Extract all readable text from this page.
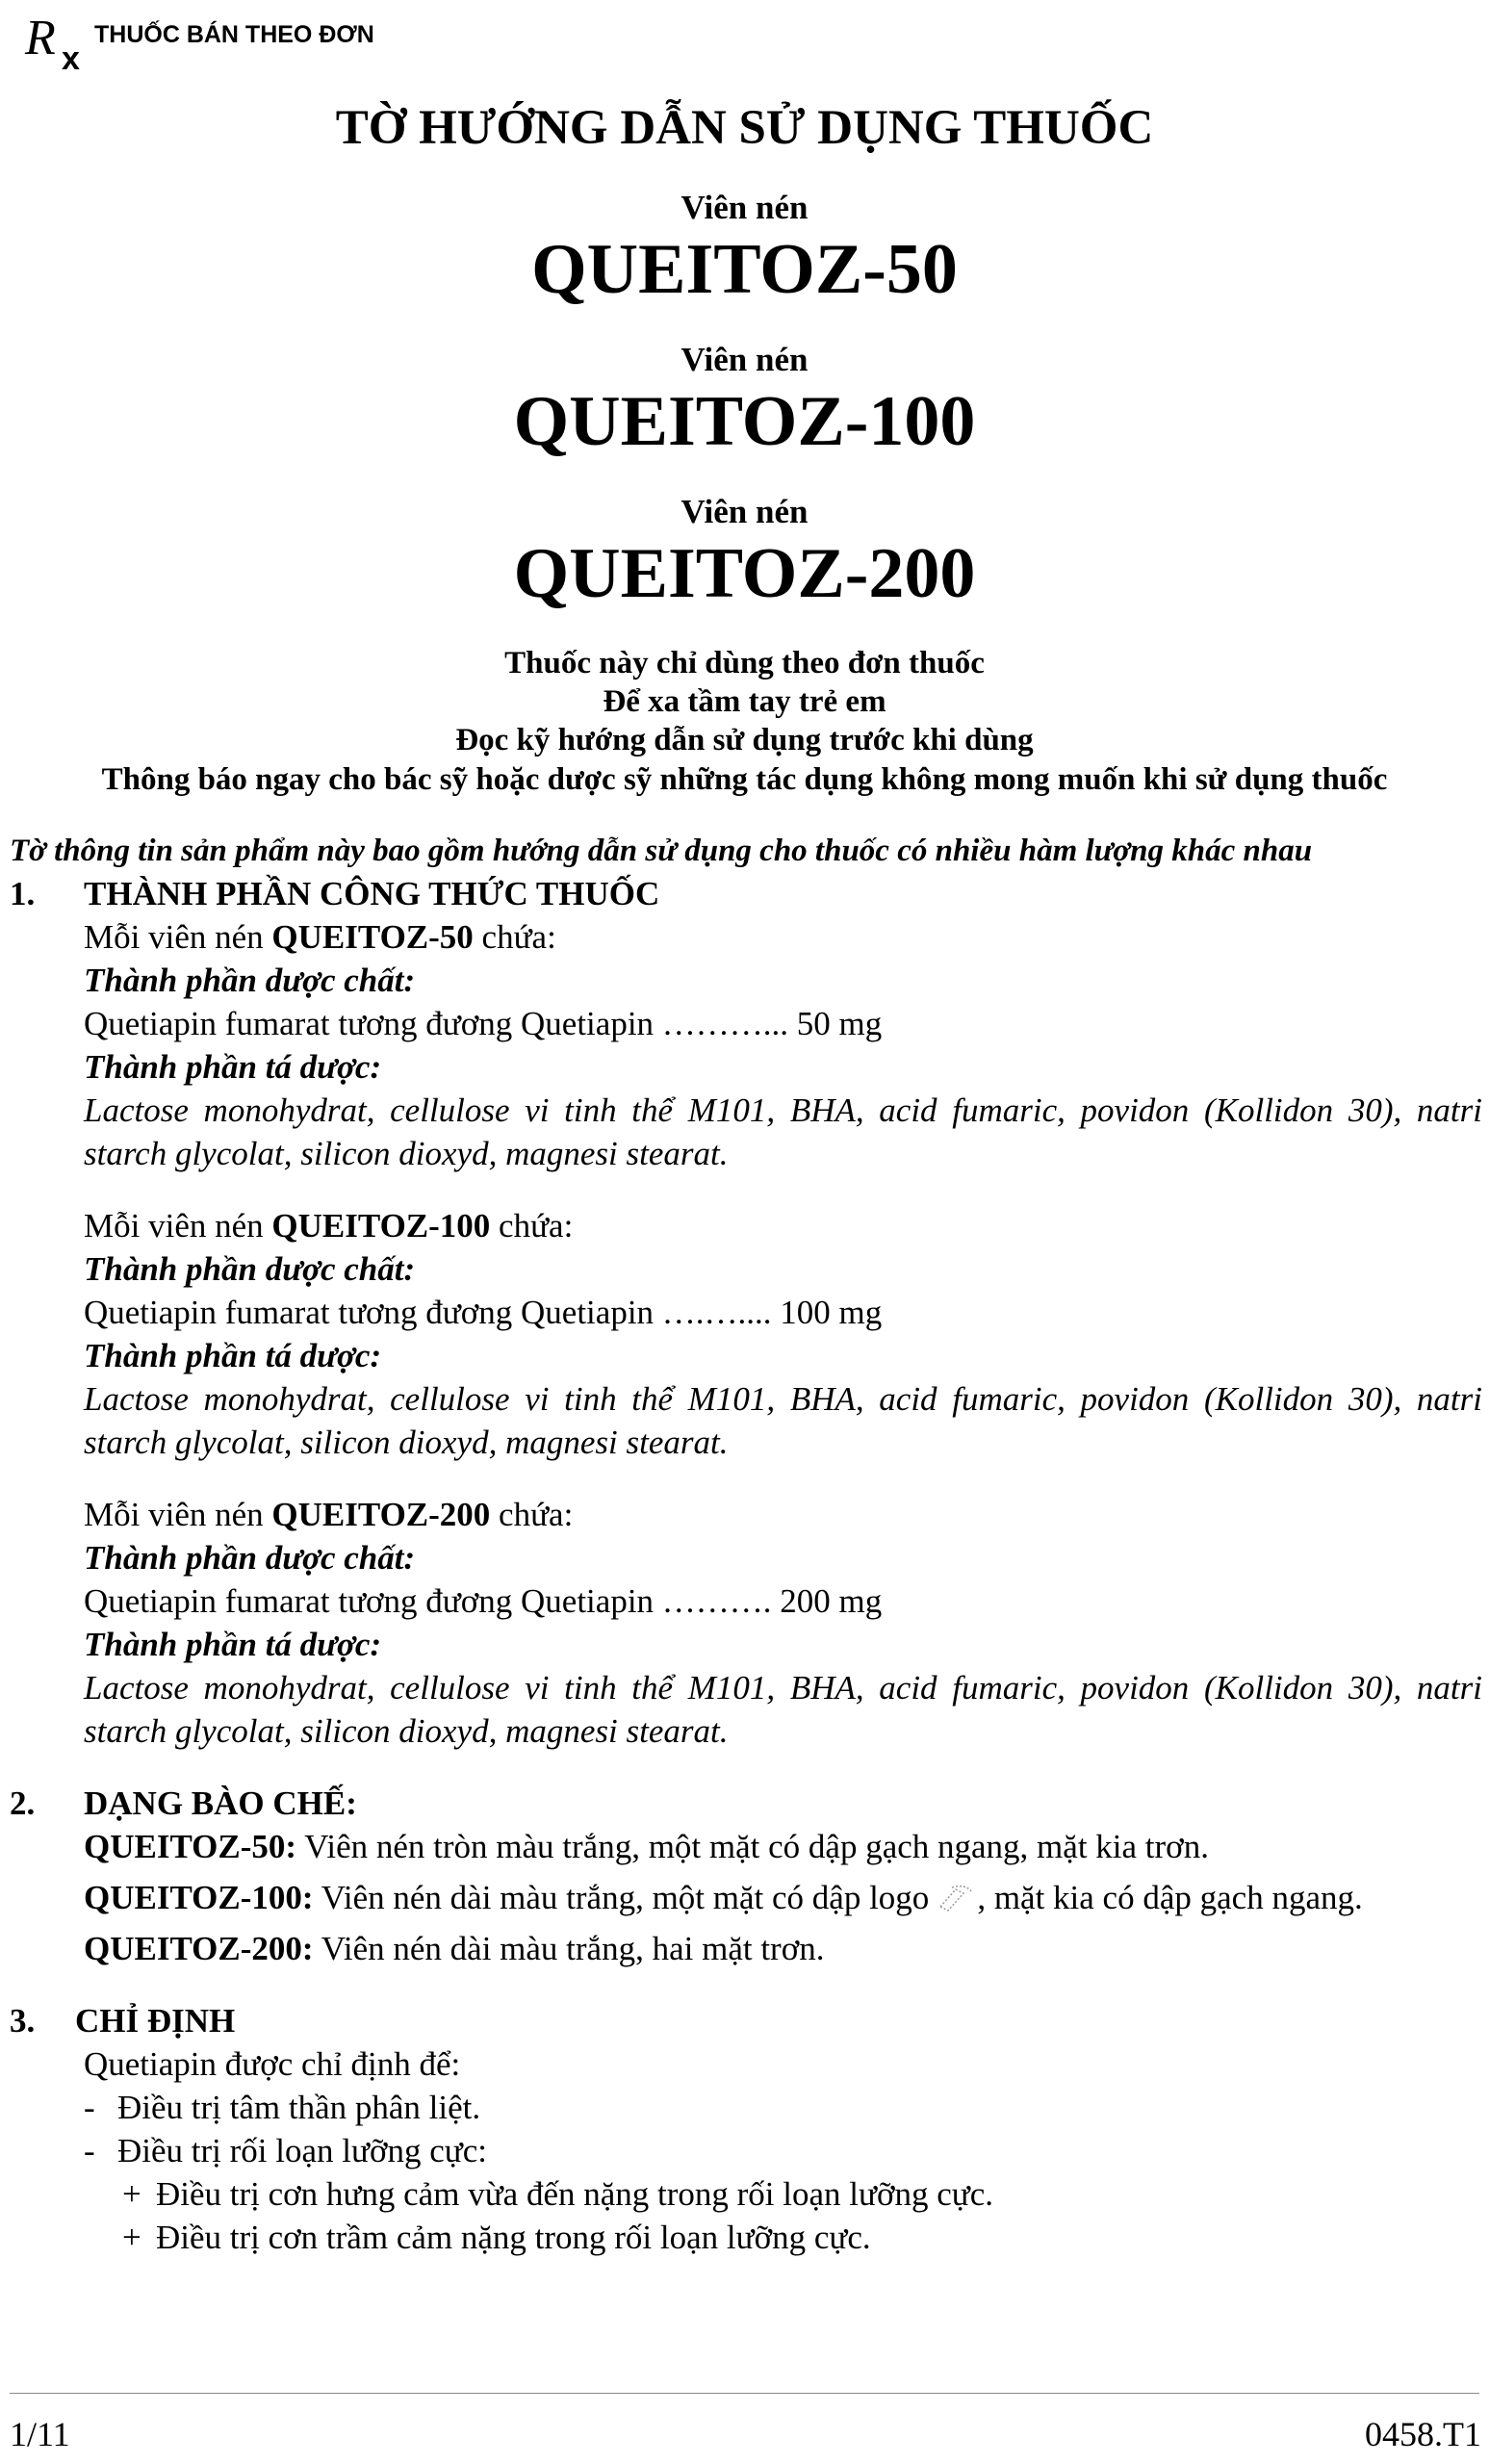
R x
THUỐC BÁN THEO ĐƠN
TỜ HƯỚNG DẪN SỬ DỤNG THUỐC
Viên nén
QUEITOZ-50
Viên nén
QUEITOZ-100
Viên nén
QUEITOZ-200
Thuốc này chỉ dùng theo đơn thuốc
Để xa tầm tay trẻ em
Đọc kỹ hướng dẫn sử dụng trước khi dùng
Thông báo ngay cho bác sỹ hoặc dược sỹ những tác dụng không mong muốn khi sử dụng thuốc
Tờ thông tin sản phẩm này bao gồm hướng dẫn sử dụng cho thuốc có nhiều hàm lượng khác nhau
1. THÀNH PHẦN CÔNG THỨC THUỐC
Mỗi viên nén QUEITOZ-50 chứa:
Thành phần dược chất:
Quetiapin fumarat tương đương Quetiapin ………... 50 mg
Thành phần tá dược:
Lactose monohydrat, cellulose vi tinh thể M101, BHA, acid fumaric, povidon (Kollidon 30), natri starch glycolat, silicon dioxyd, magnesi stearat.
Mỗi viên nén QUEITOZ-100 chứa:
Thành phần dược chất:
Quetiapin fumarat tương đương Quetiapin ….….... 100 mg
Thành phần tá dược:
Lactose monohydrat, cellulose vi tinh thể M101, BHA, acid fumaric, povidon (Kollidon 30), natri starch glycolat, silicon dioxyd, magnesi stearat.
Mỗi viên nén QUEITOZ-200 chứa:
Thành phần dược chất:
Quetiapin fumarat tương đương Quetiapin ………. 200 mg
Thành phần tá dược:
Lactose monohydrat, cellulose vi tinh thể M101, BHA, acid fumaric, povidon (Kollidon 30), natri starch glycolat, silicon dioxyd, magnesi stearat.
2. DẠNG BÀO CHẾ:
QUEITOZ-50: Viên nén tròn màu trắng, một mặt có dập gạch ngang, mặt kia trơn.
QUEITOZ-100: Viên nén dài màu trắng, một mặt có dập logo , mặt kia có dập gạch ngang.
QUEITOZ-200: Viên nén dài màu trắng, hai mặt trơn.
3. CHỈ ĐỊNH
Quetiapin được chỉ định để:
- Điều trị tâm thần phân liệt.
- Điều trị rối loạn lưỡng cực:
+ Điều trị cơn hưng cảm vừa đến nặng trong rối loạn lưỡng cực.
+ Điều trị cơn trầm cảm nặng trong rối loạn lưỡng cực.
1/11	0458.T1
